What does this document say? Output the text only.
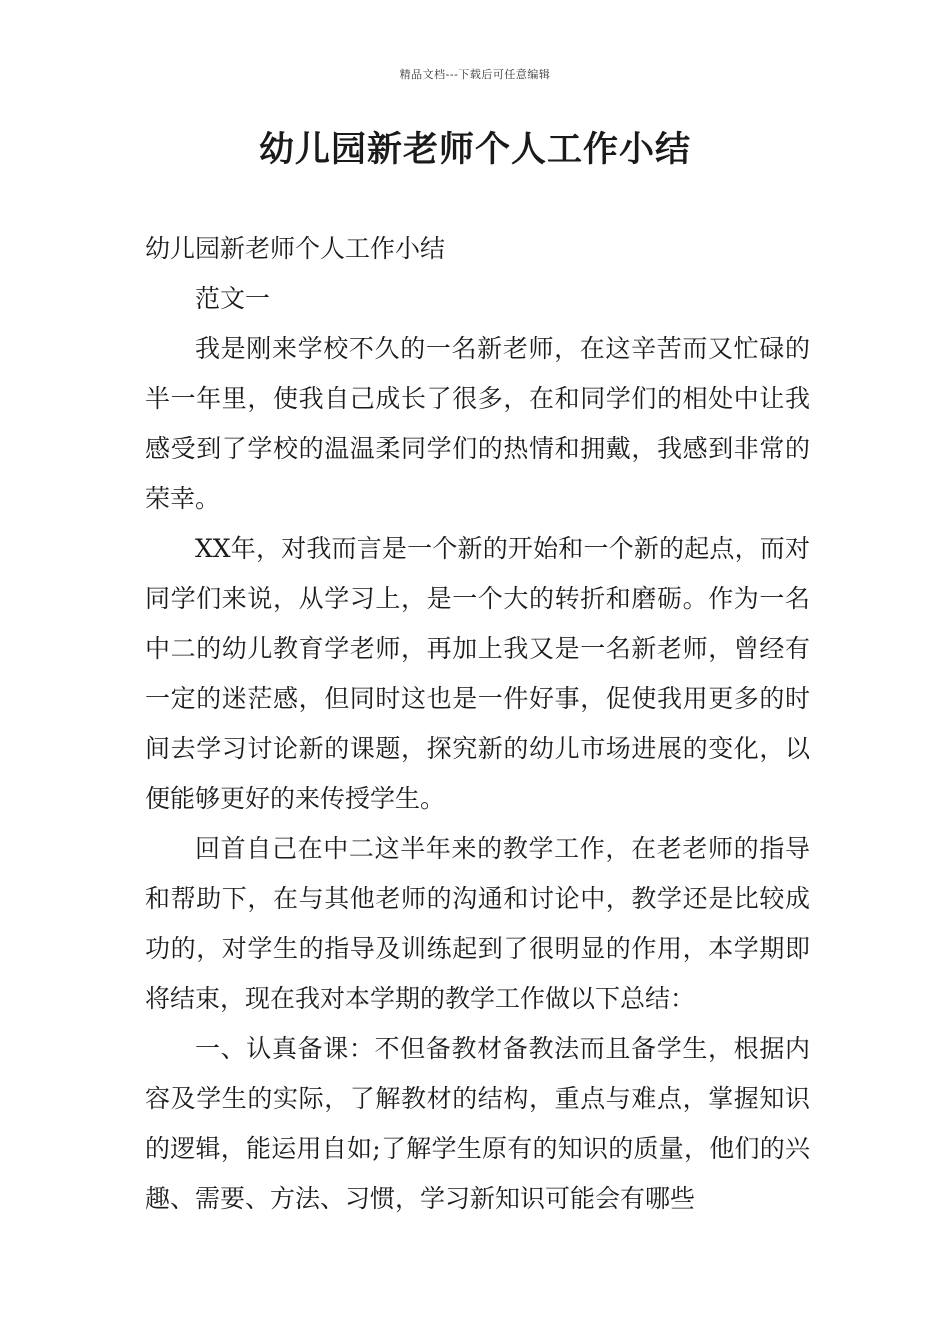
精品文档---下载后可任意编辑
幼儿园新老师个人工作小结

幼儿园新老师个人工作小结

范文一

我是刚来学校不久的一名新老师，在这辛苦而又忙碌的半一年里，使我自己成长了很多，在和同学们的相处中让我感受到了学校的温温柔同学们的热情和拥戴，我感到非常的荣幸。

XX年，对我而言是一个新的开始和一个新的起点，而对同学们来说，从学习上，是一个大的转折和磨砺。作为一名中二的幼儿教育学老师，再加上我又是一名新老师，曾经有一定的迷茫感，但同时这也是一件好事，促使我用更多的时间去学习讨论新的课题，探究新的幼儿市场进展的变化，以便能够更好的来传授学生。

回首自己在中二这半年来的教学工作，在老老师的指导和帮助下，在与其他老师的沟通和讨论中，教学还是比较成功的，对学生的指导及训练起到了很明显的作用，本学期即将结束，现在我对本学期的教学工作做以下总结：

一、认真备课：不但备教材备教法而且备学生，根据内容及学生的实际，了解教材的结构，重点与难点，掌握知识的逻辑，能运用自如;了解学生原有的知识的质量，他们的兴趣、需要、方法、习惯，学习新知识可能会有哪些
